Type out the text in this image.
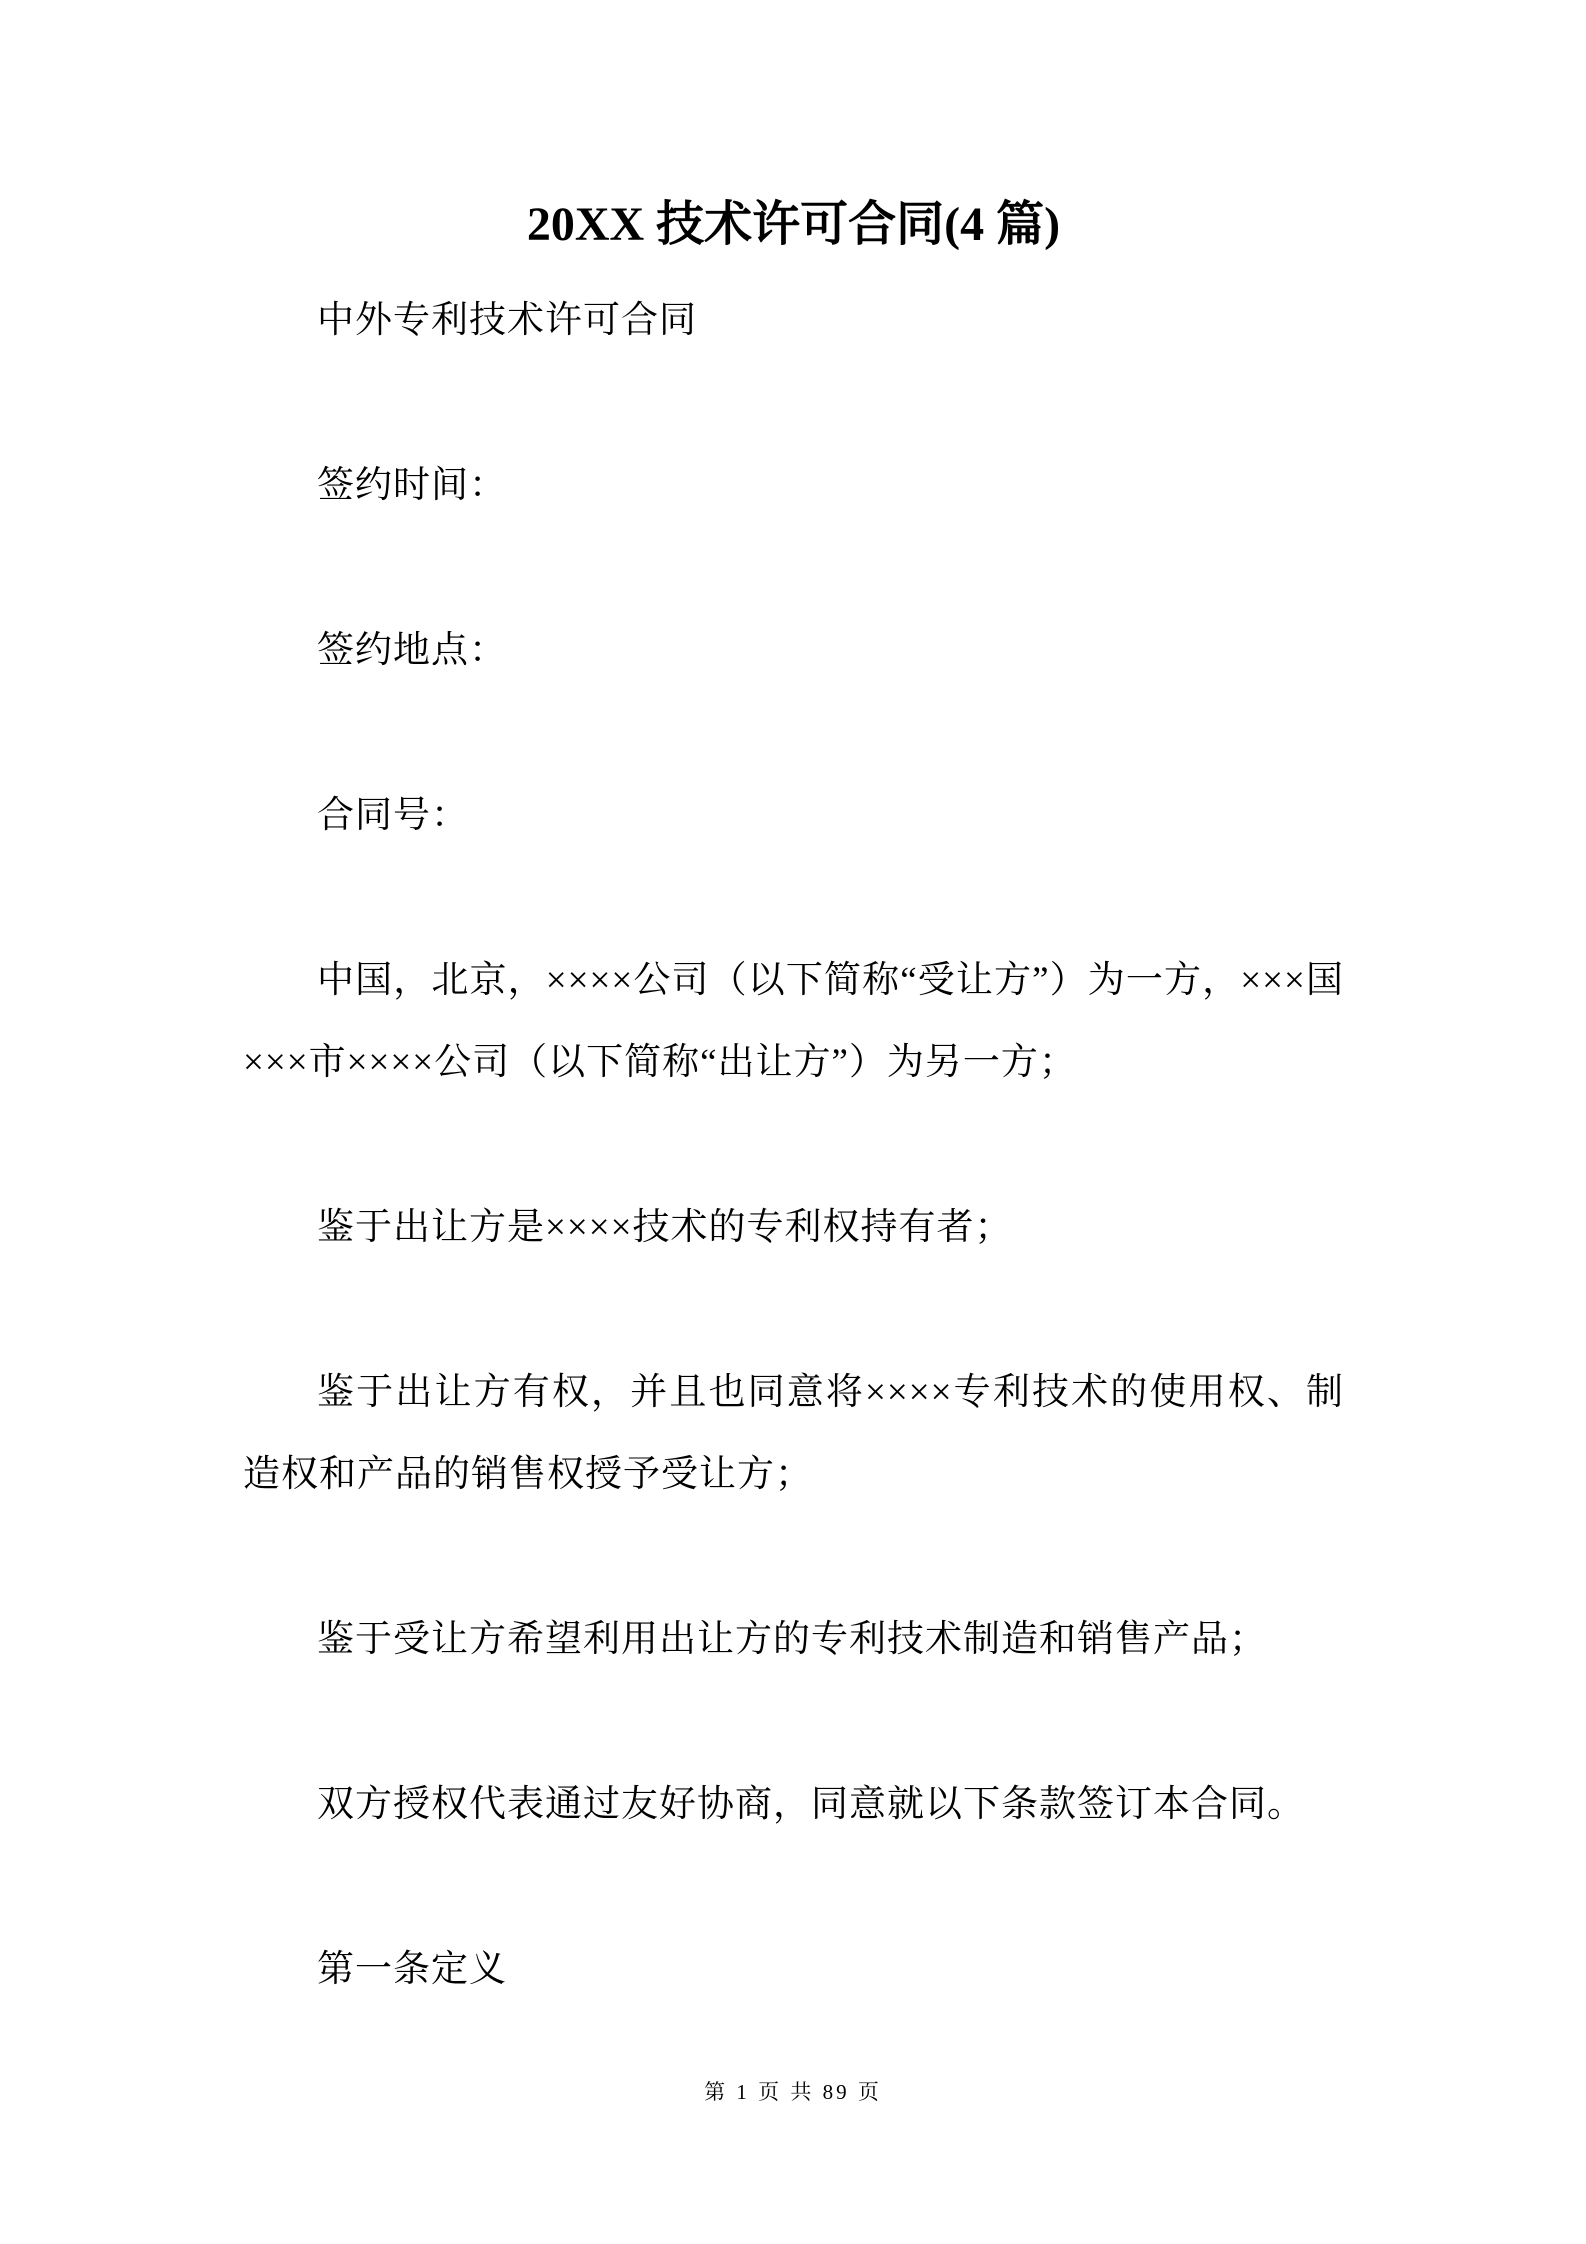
20XX 技术许可合同(4 篇)

中外专利技术许可合同

签约时间：

签约地点：

合同号：

中国，北京，××××公司（以下简称“受让方”）为一方，×××国×××市××××公司（以下简称“出让方”）为另一方；

鉴于出让方是××××技术的专利权持有者；

鉴于出让方有权，并且也同意将××××专利技术的使用权、制造权和产品的销售权授予受让方；

鉴于受让方希望利用出让方的专利技术制造和销售产品；

双方授权代表通过友好协商，同意就以下条款签订本合同。

第一条定义

第 1 页 共 89 页
